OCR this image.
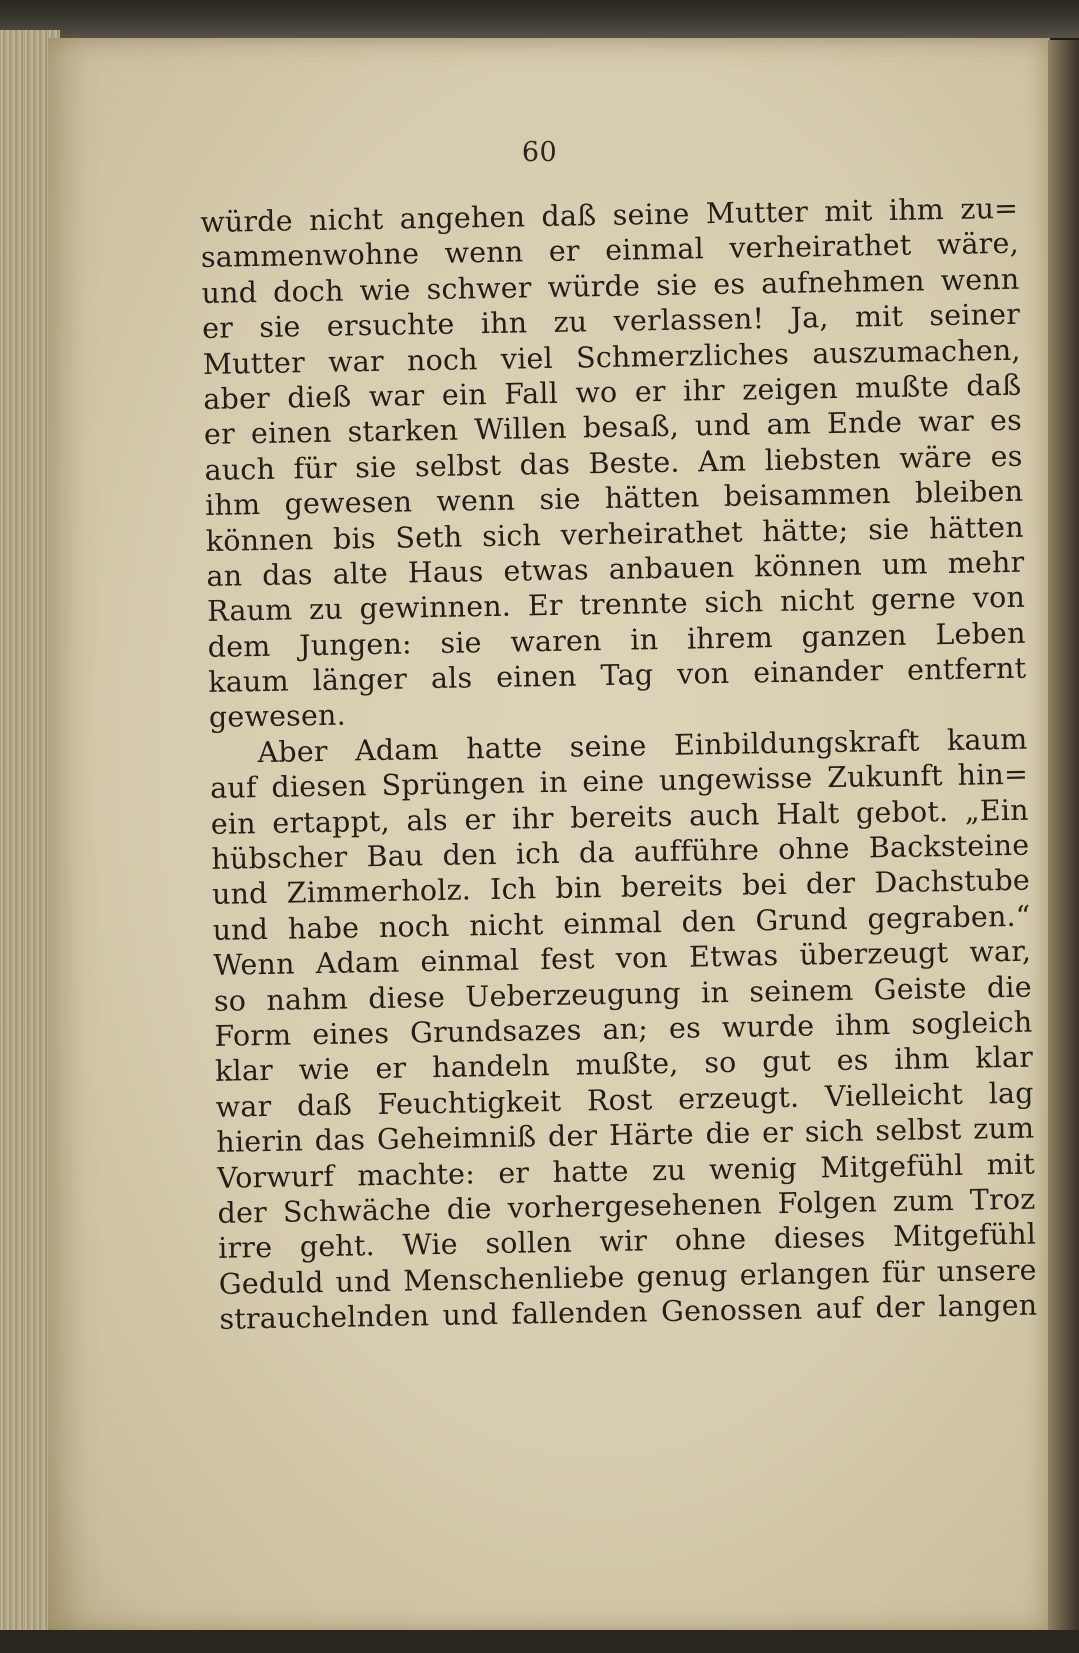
60
würde nicht angehen daß seine Mutter mit ihm zu=
sammenwohne wenn er einmal verheirathet wäre,
und doch wie schwer würde sie es aufnehmen wenn
er sie ersuchte ihn zu verlassen! Ja, mit seiner
Mutter war noch viel Schmerzliches auszumachen,
aber dieß war ein Fall wo er ihr zeigen mußte daß
er einen starken Willen besaß, und am Ende war es
auch für sie selbst das Beste. Am liebsten wäre es
ihm gewesen wenn sie hätten beisammen bleiben
können bis Seth sich verheirathet hätte; sie hätten
an das alte Haus etwas anbauen können um mehr
Raum zu gewinnen. Er trennte sich nicht gerne von
dem Jungen: sie waren in ihrem ganzen Leben
kaum länger als einen Tag von einander entfernt
gewesen.
Aber Adam hatte seine Einbildungskraft kaum
auf diesen Sprüngen in eine ungewisse Zukunft hin=
ein ertappt, als er ihr bereits auch Halt gebot. „Ein
hübscher Bau den ich da aufführe ohne Backsteine
und Zimmerholz. Ich bin bereits bei der Dachstube
und habe noch nicht einmal den Grund gegraben.“
Wenn Adam einmal fest von Etwas überzeugt war,
so nahm diese Ueberzeugung in seinem Geiste die
Form eines Grundsazes an; es wurde ihm sogleich
klar wie er handeln mußte, so gut es ihm klar
war daß Feuchtigkeit Rost erzeugt. Vielleicht lag
hierin das Geheimniß der Härte die er sich selbst zum
Vorwurf machte: er hatte zu wenig Mitgefühl mit
der Schwäche die vorhergesehenen Folgen zum Troz
irre geht. Wie sollen wir ohne dieses Mitgefühl
Geduld und Menschenliebe genug erlangen für unsere
strauchelnden und fallenden Genossen auf der langen
